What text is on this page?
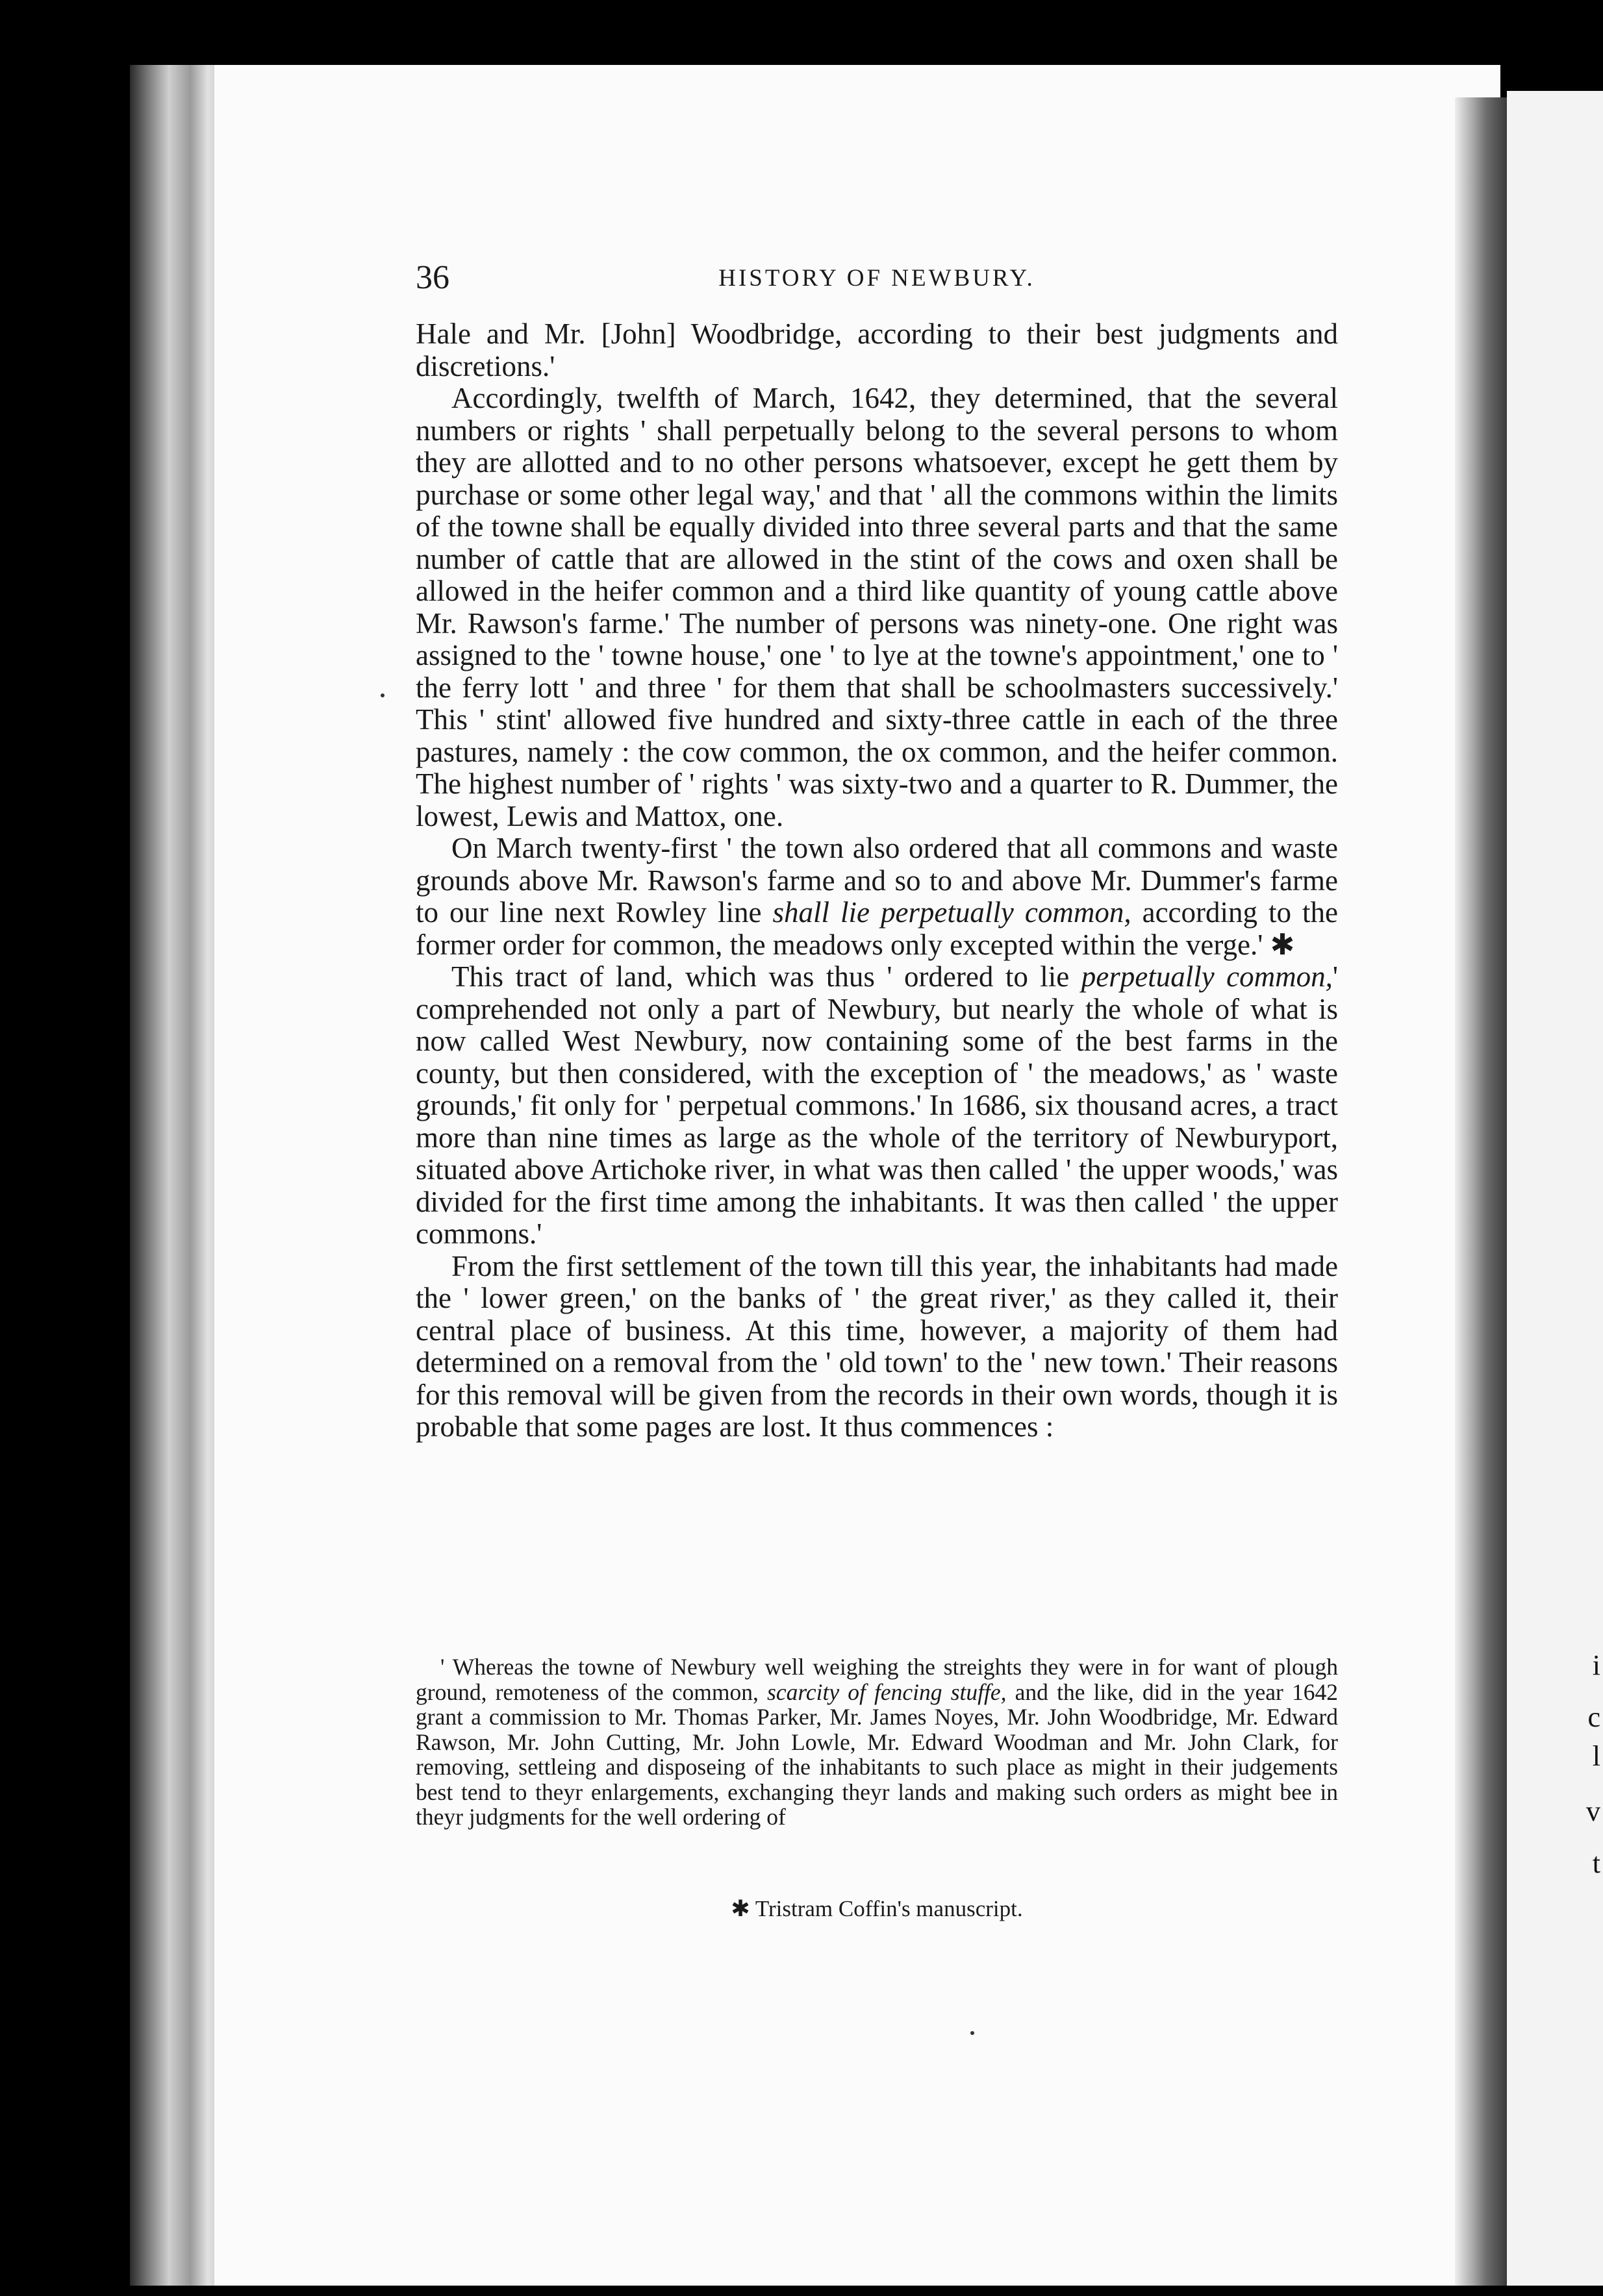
i
c
l
v
t
36	HISTORY OF NEWBURY.

Hale and Mr. [John] Woodbridge, according to their best judgments and discretions.'

Accordingly, twelfth of March, 1642, they determined, that the several numbers or rights ' shall perpetually belong to the several persons to whom they are allotted and to no other persons whatsoever, except he gett them by purchase or some other legal way,' and that ' all the commons within the limits of the towne shall be equally divided into three several parts and that the same number of cattle that are allowed in the stint of the cows and oxen shall be allowed in the heifer common and a third like quantity of young cattle above Mr. Rawson's farme.' The number of persons was ninety-one. One right was assigned to the ' towne house,' one ' to lye at the towne's appointment,' one to ' the ferry lott ' and three ' for them that shall be schoolmasters successively.' This ' stint' allowed five hundred and sixty-three cattle in each of the three pastures, namely : the cow common, the ox common, and the heifer common. The highest number of ' rights ' was sixty-two and a quarter to R. Dummer, the lowest, Lewis and Mattox, one.

On March twenty-first ' the town also ordered that all commons and waste grounds above Mr. Rawson's farme and so to and above Mr. Dummer's farme to our line next Rowley line shall lie perpetually common, according to the former order for common, the meadows only excepted within the verge.' ✱

This tract of land, which was thus ' ordered to lie perpetually common,' comprehended not only a part of Newbury, but nearly the whole of what is now called West Newbury, now containing some of the best farms in the county, but then considered, with the exception of ' the meadows,' as ' waste grounds,' fit only for ' perpetual commons.' In 1686, six thousand acres, a tract more than nine times as large as the whole of the territory of Newburyport, situated above Artichoke river, in what was then called ' the upper woods,' was divided for the first time among the inhabitants. It was then called ' the upper commons.'

From the first settlement of the town till this year, the inhabitants had made the ' lower green,' on the banks of ' the great river,' as they called it, their central place of business. At this time, however, a majority of them had determined on a removal from the ' old town' to the ' new town.' Their reasons for this removal will be given from the records in their own words, though it is probable that some pages are lost. It thus commences :

' Whereas the towne of Newbury well weighing the streights they were in for want of plough ground, remoteness of the common, scarcity of fencing stuffe, and the like, did in the year 1642 grant a commission to Mr. Thomas Parker, Mr. James Noyes, Mr. John Woodbridge, Mr. Edward Rawson, Mr. John Cutting, Mr. John Lowle, Mr. Edward Woodman and Mr. John Clark, for removing, settleing and disposeing of the inhabitants to such place as might in their judgements best tend to theyr enlargements, exchanging theyr lands and making such orders as might bee in theyr judgments for the well ordering of

✱ Tristram Coffin's manuscript.
